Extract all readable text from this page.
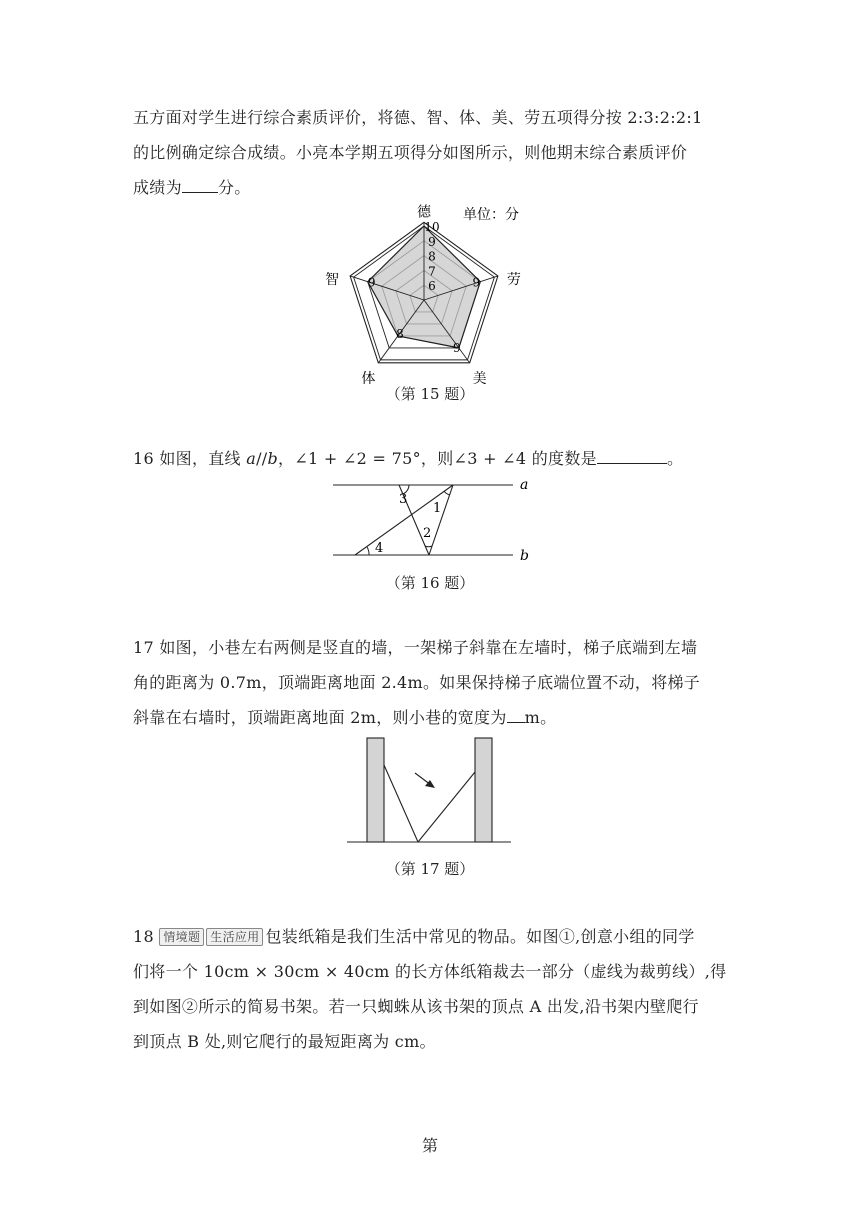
五方面对学生进行综合素质评价，将德、智、体、美、劳五项得分按 2:3:2:2:1

的比例确定综合成绩。小亮本学期五项得分如图所示，则他期末综合素质评价

成绩为 分。

6
7
8
9
10
9
9
8
9
德
劳
美
体
智
单位：分
（第 15 题）

16 如图，直线 a//b，∠1 + ∠2 = 75°，则∠3 + ∠4 的度数是	。

3
1
2
4
a
b
（第 16 题）

17 如图，小巷左右两侧是竖直的墙，一架梯子斜靠在左墙时，梯子底端到左墙

角的距离为 0.7m，顶端距离地面 2.4m。如果保持梯子底端位置不动，将梯子

斜靠在右墙时，顶端距离地面 2m，则小巷的宽度为 m。

（第 17 题）

18 情境题 生活应用 包装纸箱是我们生活中常见的物品。如图①,创意小组的同学

们将一个 10cm × 30cm × 40cm 的长方体纸箱裁去一部分（虚线为裁剪线）,得

到如图②所示的简易书架。若一只蜘蛛从该书架的顶点 A 出发,沿书架内壁爬行

到顶点 B 处,则它爬行的最短距离为 cm。

第
